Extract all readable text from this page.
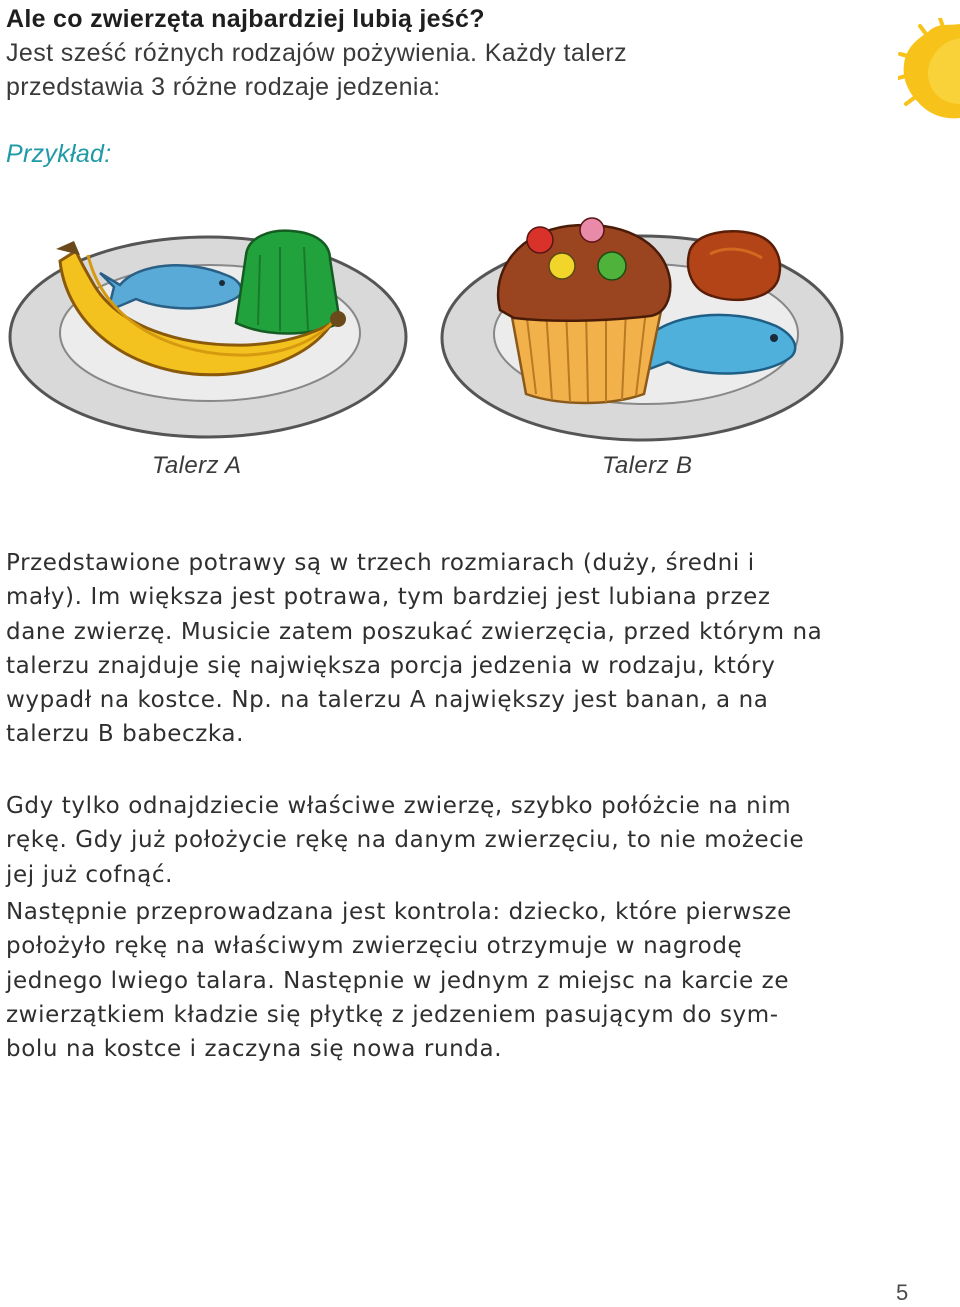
Ale co zwierzęta najbardziej lubią jeść?

Jest sześć różnych rodzajów pożywienia. Każdy talerz

przedstawia 3 różne rodzaje jedzenia:

Przykład:
Talerz A	Talerz B

Przedstawione potrawy są w trzech rozmiarach (duży, średni i
mały). Im większa jest potrawa, tym bardziej jest lubiana przez
dane zwierzę. Musicie zatem poszukać zwierzęcia, przed którym na
talerzu znajduje się największa porcja jedzenia w rodzaju, który
wypadł na kostce. Np. na talerzu A największy jest banan, a na
talerzu B babeczka.

Gdy tylko odnajdziecie właściwe zwierzę, szybko połóżcie na nim
rękę. Gdy już położycie rękę na danym zwierzęciu, to nie możecie
jej już cofnąć.

Następnie przeprowadzana jest kontrola: dziecko, które pierwsze
położyło rękę na właściwym zwierzęciu otrzymuje w nagrodę
jednego lwiego talara. Następnie w jednym z miejsc na karcie ze
zwierzątkiem kładzie się płytkę z jedzeniem pasującym do sym-
bolu na kostce i zaczyna się nowa runda.

5
